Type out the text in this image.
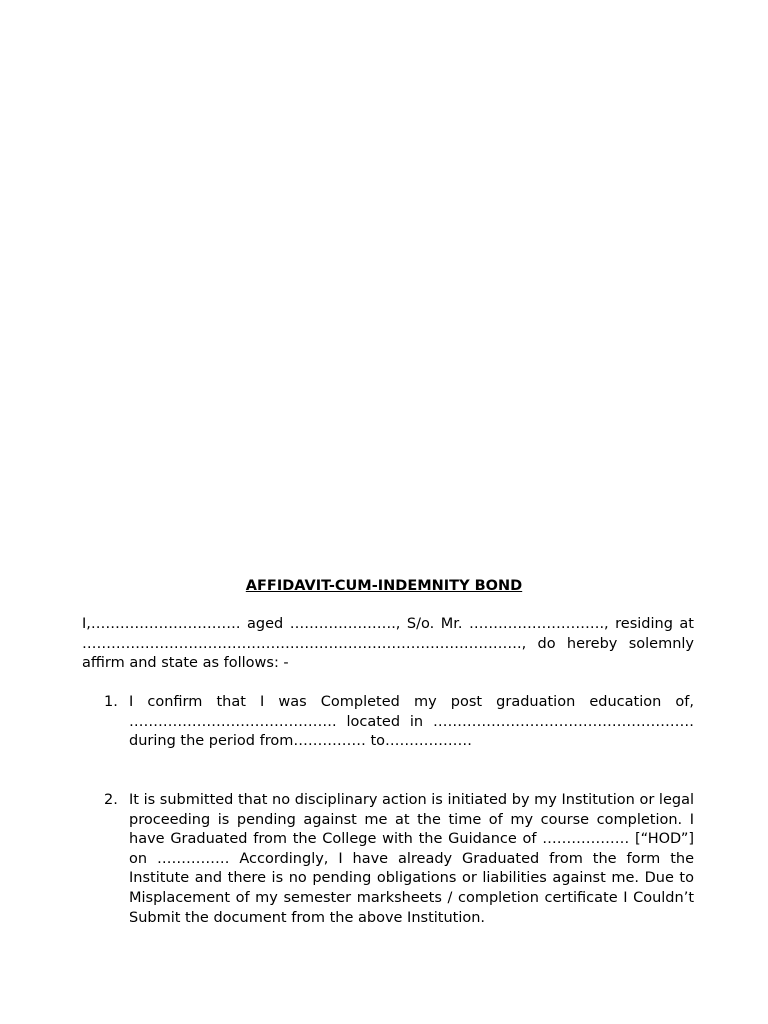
AFFIDAVIT-CUM-INDEMNITY BOND

I,…………………………. aged …………………., S/o. Mr. ………………………., residing at ………………………………………………………………………………., do hereby solemnly affirm and state as follows: -

1. I confirm that I was Completed my post graduation education of, ……………………………………. located in ………………………………………………during the period from…………… to………………
2. It is submitted that no disciplinary action is initiated by my Institution or legal proceeding is pending against me at the time of my course completion. I have Graduated from the College with the Guidance of ……………… [“HOD”] on …………… Accordingly, I have already Graduated from the form the Institute and there is no pending obligations or liabilities against me. Due to Misplacement of my semester marksheets / completion certificate I Couldn’t Submit the document from the above Institution.
